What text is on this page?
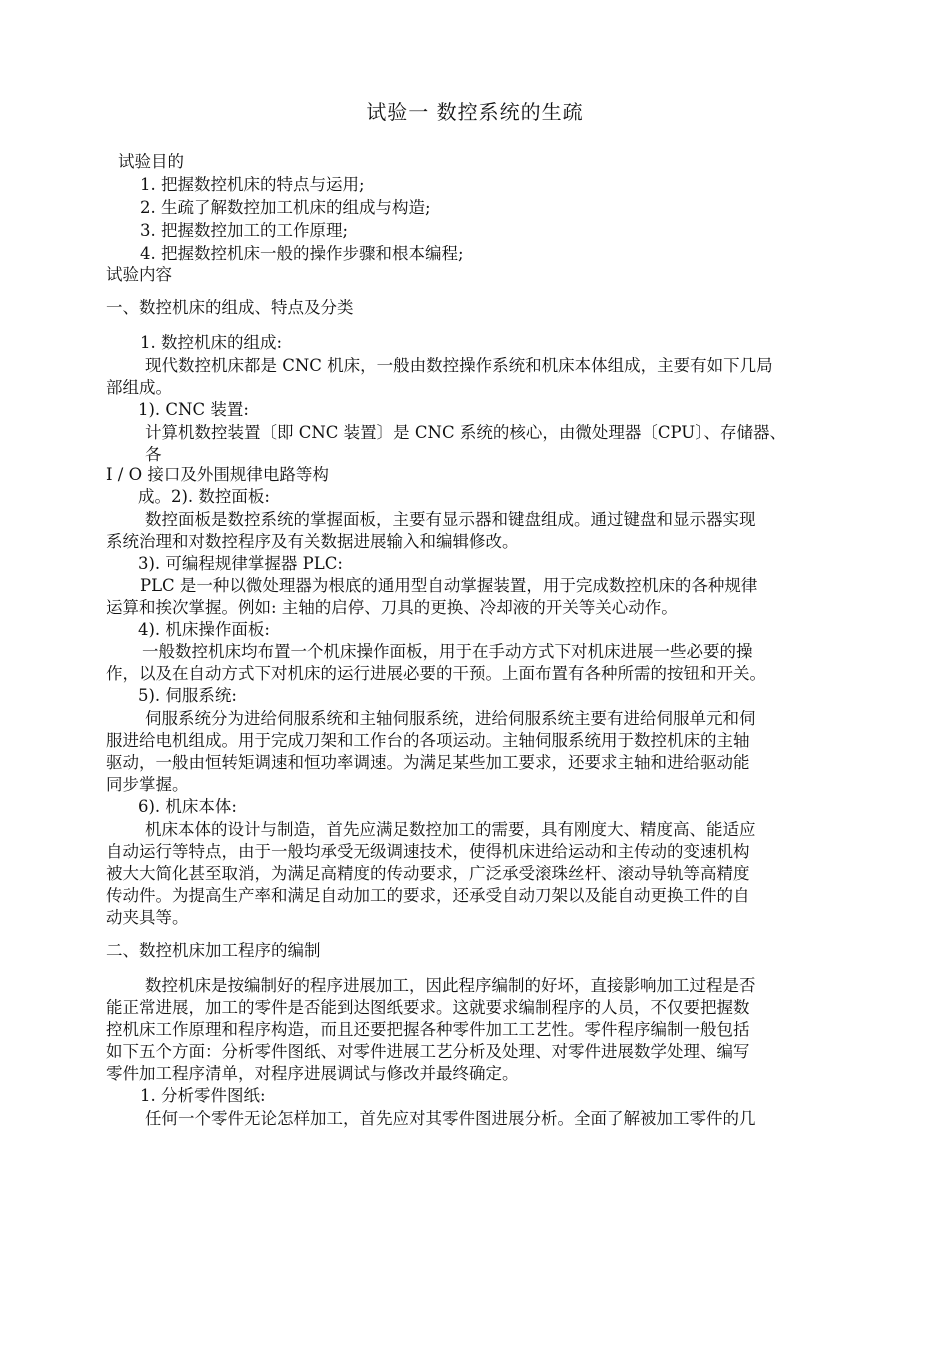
试验一 数控系统的生疏
试验目的
1. 把握数控机床的特点与运用;
2. 生疏了解数控加工机床的组成与构造;
3. 把握数控加工的工作原理;
4. 把握数控机床一般的操作步骤和根本编程;
试验内容
一、数控机床的组成、特点及分类
1. 数控机床的组成:
现代数控机床都是 CNC 机床，一般由数控操作系统和机床本体组成，主要有如下几局
部组成。
1). CNC 装置:
计算机数控装置〔即 CNC 装置〕是 CNC 系统的核心，由微处理器〔CPU〕、存储器、
各
I / O 接口及外围规律电路等构
成。2). 数控面板:
数控面板是数控系统的掌握面板，主要有显示器和键盘组成。通过键盘和显示器实现
系统治理和对数控程序及有关数据进展输入和编辑修改。
3). 可编程规律掌握器 PLC:
PLC 是一种以微处理器为根底的通用型自动掌握装置，用于完成数控机床的各种规律
运算和挨次掌握。例如: 主轴的启停、刀具的更换、冷却液的开关等关心动作。
4). 机床操作面板:
一般数控机床均布置一个机床操作面板，用于在手动方式下对机床进展一些必要的操
作，以及在自动方式下对机床的运行进展必要的干预。上面布置有各种所需的按钮和开关。
5). 伺服系统:
伺服系统分为进给伺服系统和主轴伺服系统，进给伺服系统主要有进给伺服单元和伺
服进给电机组成。用于完成刀架和工作台的各项运动。主轴伺服系统用于数控机床的主轴
驱动，一般由恒转矩调速和恒功率调速。为满足某些加工要求，还要求主轴和进给驱动能
同步掌握。
6). 机床本体:
机床本体的设计与制造，首先应满足数控加工的需要，具有刚度大、精度高、能适应
自动运行等特点，由于一般均承受无级调速技术，使得机床进给运动和主传动的变速机构
被大大简化甚至取消，为满足高精度的传动要求，广泛承受滚珠丝杆、滚动导轨等高精度
传动件。为提高生产率和满足自动加工的要求，还承受自动刀架以及能自动更换工件的自
动夹具等。
二、数控机床加工程序的编制
数控机床是按编制好的程序进展加工，因此程序编制的好坏，直接影响加工过程是否
能正常进展，加工的零件是否能到达图纸要求。这就要求编制程序的人员，不仅要把握数
控机床工作原理和程序构造，而且还要把握各种零件加工工艺性。零件程序编制一般包括
如下五个方面：分析零件图纸、对零件进展工艺分析及处理、对零件进展数学处理、编写
零件加工程序清单，对程序进展调试与修改并最终确定。
1. 分析零件图纸:
任何一个零件无论怎样加工，首先应对其零件图进展分析。全面了解被加工零件的几
